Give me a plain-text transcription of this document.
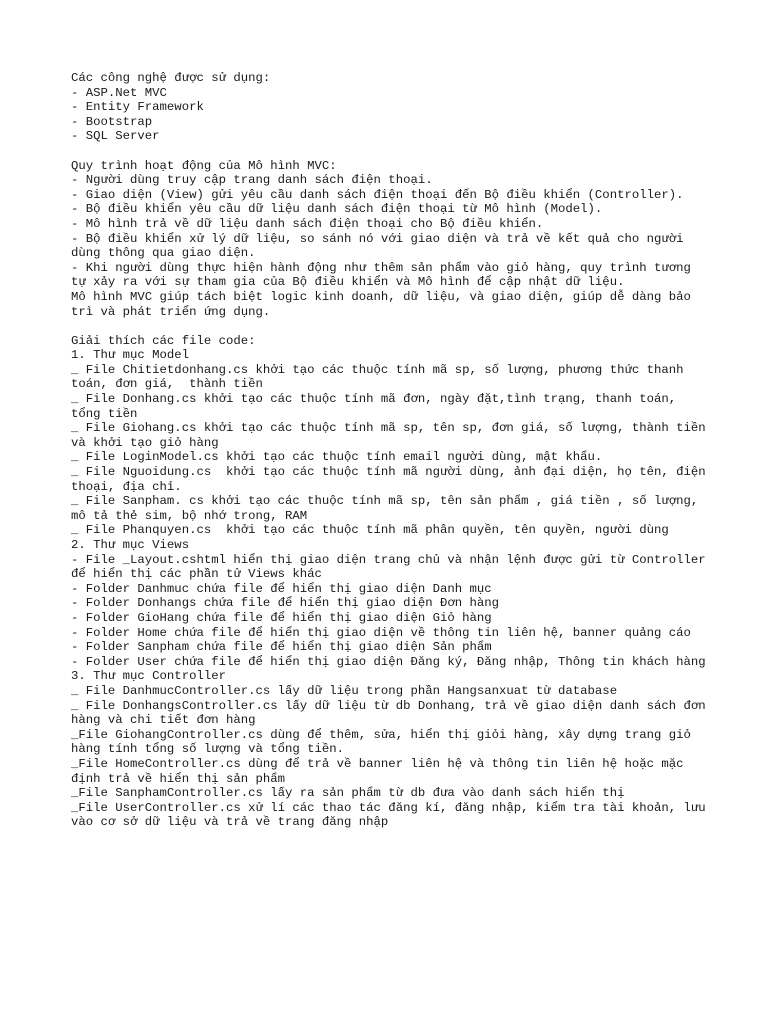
Các công nghệ được sử dụng:
- ASP.Net MVC
- Entity Framework
- Bootstrap
- SQL Server
Quy trình hoạt động của Mô hình MVC:
- Người dùng truy cập trang danh sách điện thoại.
- Giao diện (View) gửi yêu cầu danh sách điện thoại đến Bộ điều khiển (Controller).
- Bộ điều khiển yêu cầu dữ liệu danh sách điện thoại từ Mô hình (Model).
- Mô hình trả về dữ liệu danh sách điện thoại cho Bộ điều khiển.
- Bộ điều khiển xử lý dữ liệu, so sánh nó với giao diện và trả về kết quả cho người dùng thông qua giao diện.
- Khi người dùng thực hiện hành động như thêm sản phẩm vào giỏ hàng, quy trình tương tự xảy ra với sự tham gia của Bộ điều khiển và Mô hình để cập nhật dữ liệu.
Mô hình MVC giúp tách biệt logic kinh doanh, dữ liệu, và giao diện, giúp dễ dàng bảo trì và phát triển ứng dụng.
Giải thích các file code:
1. Thư mục Model
_ File Chitietdonhang.cs khởi tạo các thuộc tính mã sp, số lượng, phương thức thanh toán, đơn giá,  thành tiền
_ File Donhang.cs khởi tạo các thuộc tính mã đơn, ngày đặt,tình trạng, thanh toán, tổng tiền
_ File Giohang.cs khởi tạo các thuộc tính mã sp, tên sp, đơn giá, số lượng, thành tiền và khởi tạo giỏ hàng
_ File LoginModel.cs khởi tạo các thuộc tính email người dùng, mật khẩu.
_ File Nguoidung.cs  khởi tạo các thuộc tính mã người dùng, ảnh đại diện, họ tên, điện thoại, địa chỉ.
_ File Sanpham. cs khởi tạo các thuộc tính mã sp, tên sản phẩm , giá tiền , số lượng, mô tả thẻ sim, bộ nhớ trong, RAM
_ File Phanquyen.cs  khởi tạo các thuộc tính mã phân quyền, tên quyền, người dùng
2. Thư mục Views
- File _Layout.cshtml hiển thị giao diện trang chủ và nhận lệnh được gửi từ Controller để hiển thị các phần tử Views khác
- Folder Danhmuc chứa file để hiển thị giao diện Danh mục
- Folder Donhangs chứa file để hiển thị giao diện Đơn hàng
- Folder GioHang chứa file để hiển thị giao diện Giỏ hàng
- Folder Home chứa file để hiển thị giao diện về thông tin liên hệ, banner quảng cáo
- Folder Sanpham chứa file để hiển thị giao diện Sản phẩm
- Folder User chứa file để hiển thị giao diện Đăng ký, Đăng nhập, Thông tin khách hàng
3. Thư mục Controller
_ File DanhmucController.cs lấy dữ liệu trong phần Hangsanxuat từ database
_ File DonhangsController.cs lấy dữ liệu từ db Donhang, trả về giao diện danh sách đơn hàng và chi tiết đơn hàng
_File GiohangController.cs dùng để thêm, sửa, hiển thị giỏi hàng, xây dựng trang giỏ hàng tính tổng số lượng và tổng tiền.
_File HomeController.cs dùng để trả về banner liên hệ và thông tin liên hệ hoặc mặc định trả về hiển thị sản phẩm
_File SanphamController.cs lấy ra sản phẩm từ db đưa vào danh sách hiển thị
_File UserController.cs xử lí các thao tác đăng kí, đăng nhập, kiểm tra tài khoản, lưu vào cơ sở dữ liệu và trả về trang đăng nhập
